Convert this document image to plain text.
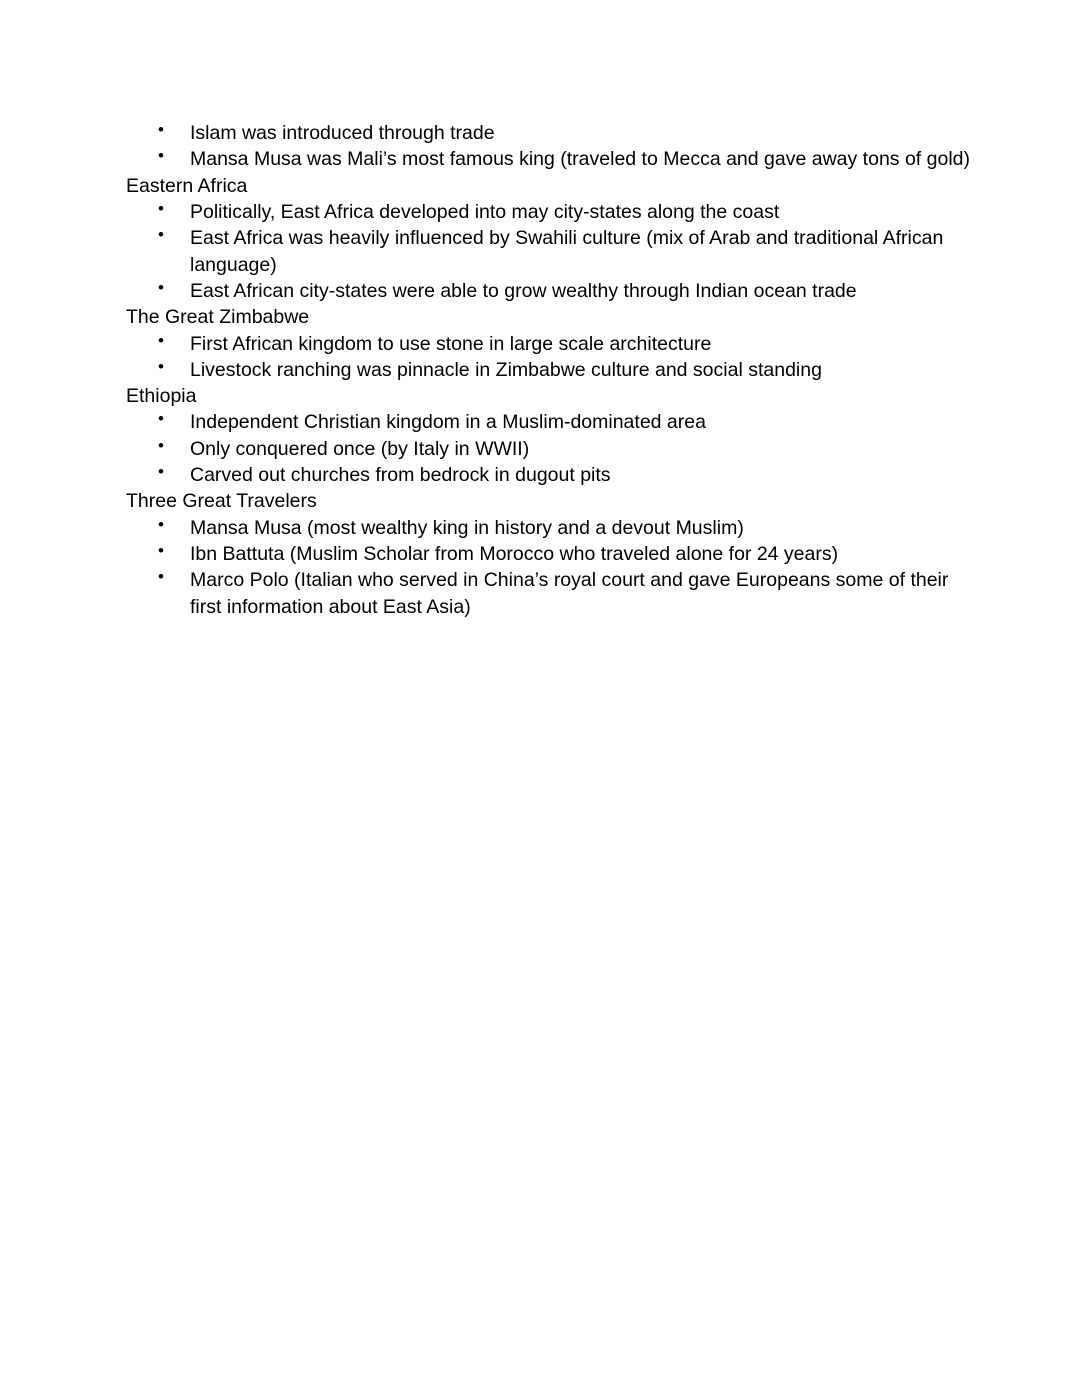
• Islam was introduced through trade
• Mansa Musa was Mali’s most famous king (traveled to Mecca and gave away tons of gold)

Eastern Africa

• Politically, East Africa developed into may city-states along the coast
• East Africa was heavily influenced by Swahili culture (mix of Arab and traditional African language)
• East African city-states were able to grow wealthy through Indian ocean trade

The Great Zimbabwe

• First African kingdom to use stone in large scale architecture
• Livestock ranching was pinnacle in Zimbabwe culture and social standing

Ethiopia

• Independent Christian kingdom in a Muslim-dominated area
• Only conquered once (by Italy in WWII)
• Carved out churches from bedrock in dugout pits

Three Great Travelers

• Mansa Musa (most wealthy king in history and a devout Muslim)
• Ibn Battuta (Muslim Scholar from Morocco who traveled alone for 24 years)
• Marco Polo (Italian who served in China’s royal court and gave Europeans some of their first information about East Asia)
